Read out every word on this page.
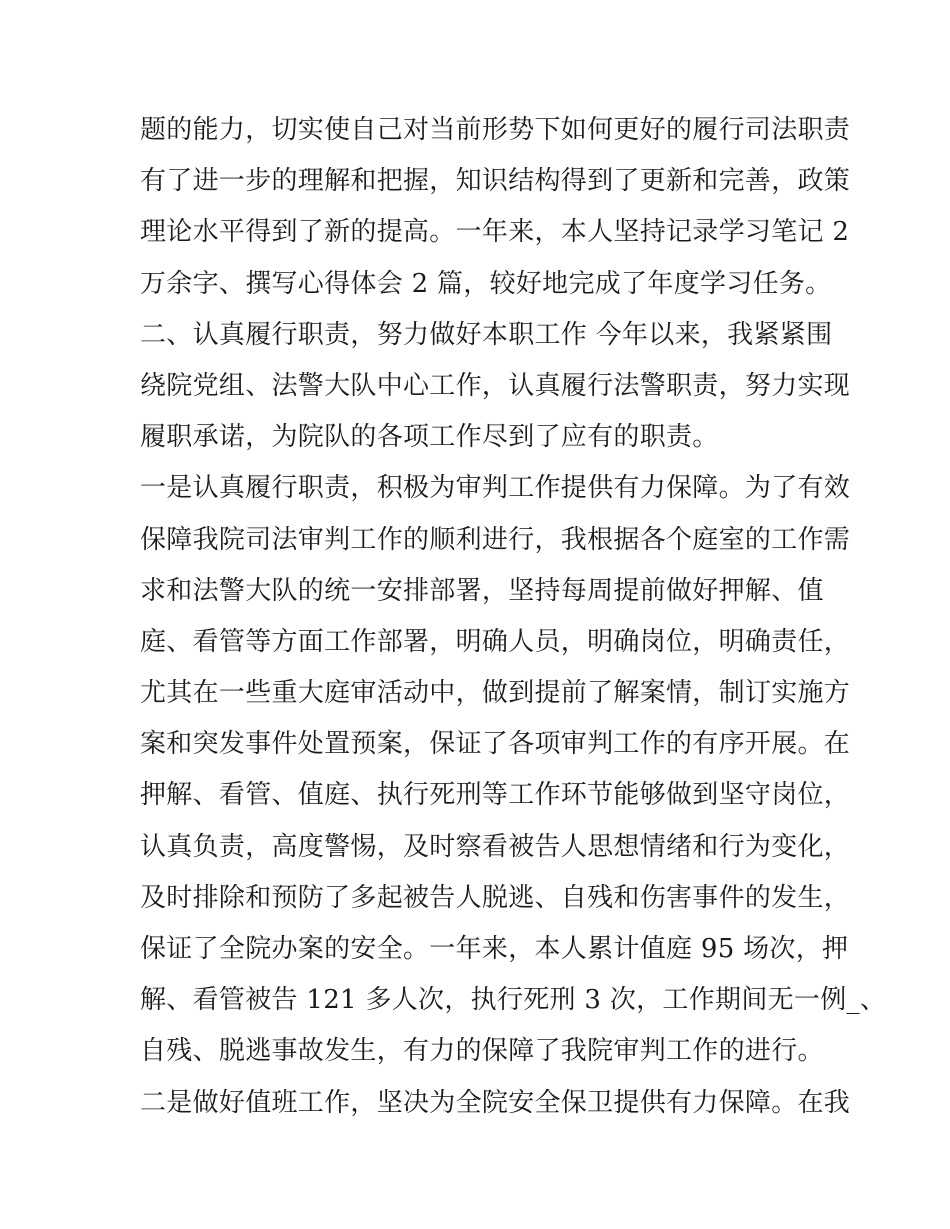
题的能力，切实使自己对当前形势下如何更好的履行司法职责
有了进一步的理解和把握，知识结构得到了更新和完善，政策
理论水平得到了新的提高。一年来，本人坚持记录学习笔记 2
万余字、撰写心得体会 2 篇，较好地完成了年度学习任务。
二、认真履行职责，努力做好本职工作 今年以来，我紧紧围
绕院党组、法警大队中心工作，认真履行法警职责，努力实现
履职承诺，为院队的各项工作尽到了应有的职责。
一是认真履行职责，积极为审判工作提供有力保障。为了有效
保障我院司法审判工作的顺利进行，我根据各个庭室的工作需
求和法警大队的统一安排部署，坚持每周提前做好押解、值
庭、看管等方面工作部署，明确人员，明确岗位，明确责任，
尤其在一些重大庭审活动中，做到提前了解案情，制订实施方
案和突发事件处置预案，保证了各项审判工作的有序开展。在
押解、看管、值庭、执行死刑等工作环节能够做到坚守岗位，
认真负责，高度警惕，及时察看被告人思想情绪和行为变化，
及时排除和预防了多起被告人脱逃、自残和伤害事件的发生，
保证了全院办案的安全。一年来，本人累计值庭 95 场次，押
解、看管被告 121 多人次，执行死刑 3 次，工作期间无一例_、
自残、脱逃事故发生，有力的保障了我院审判工作的进行。
二是做好值班工作，坚决为全院安全保卫提供有力保障。在我
